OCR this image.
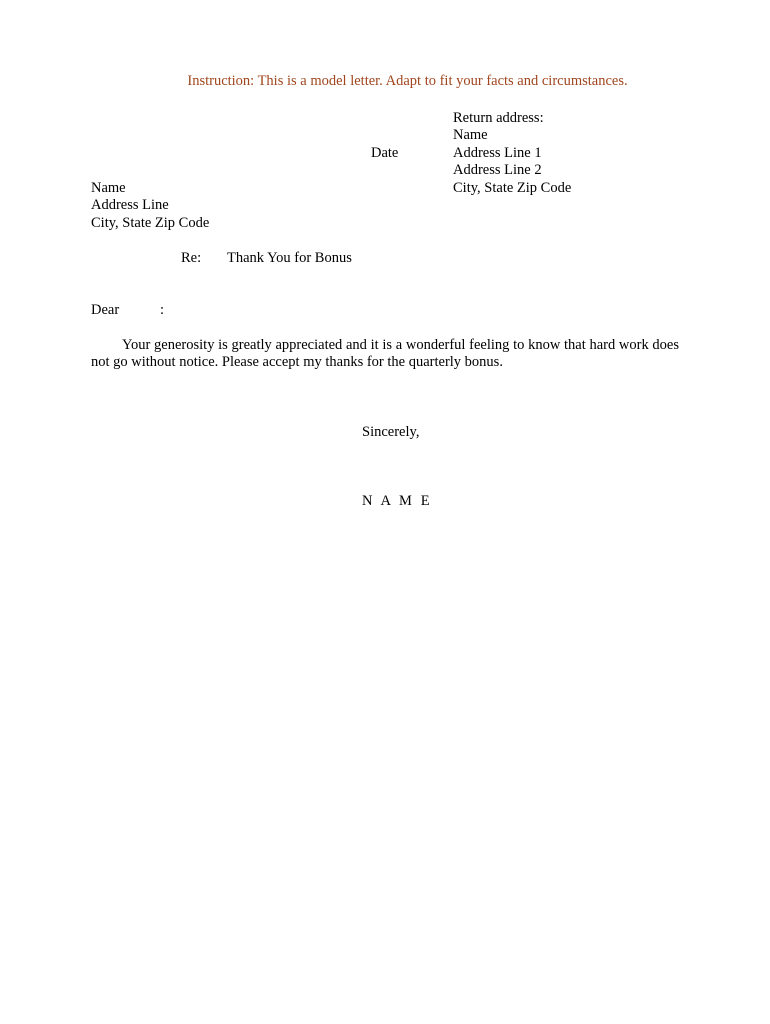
Instruction: This is a model letter. Adapt to fit your facts and circumstances.
Return address:
Name
Address Line 1
Address Line 2
City, State Zip Code
Date
Name
Address Line
City, State Zip Code
Re: Thank You for Bonus
Dear	:
Your generosity is greatly appreciated and it is a wonderful feeling to know that hard work does not go without notice. Please accept my thanks for the quarterly bonus.
Sincerely,
N A M E
